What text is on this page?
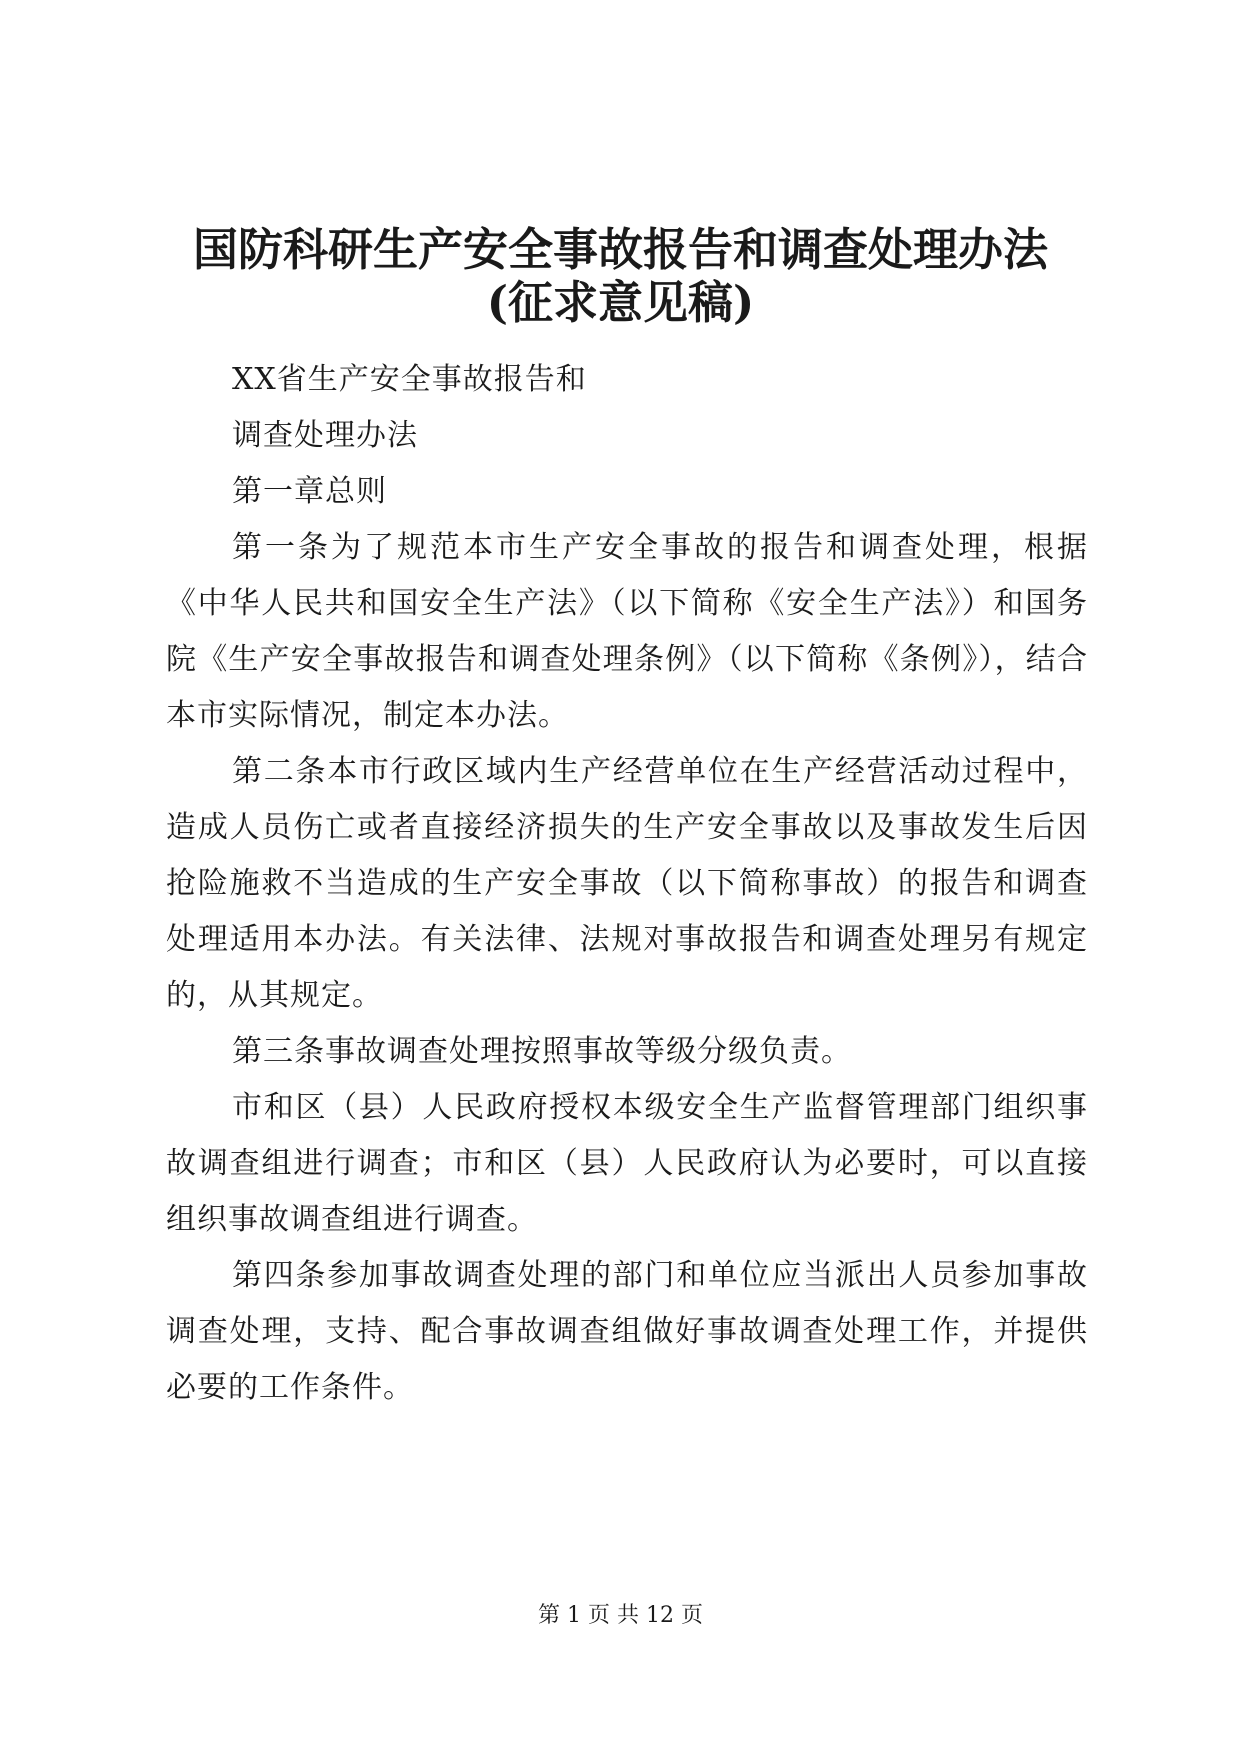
国防科研生产安全事故报告和调查处理办法
(征求意见稿)

XX省生产安全事故报告和

调查处理办法

第一章总则

第一条为了规范本市生产安全事故的报告和调查处理，根据《中华人民共和国安全生产法》（以下简称《安全生产法》）和国务院《生产安全事故报告和调查处理条例》（以下简称《条例》），结合本市实际情况，制定本办法。

第二条本市行政区域内生产经营单位在生产经营活动过程中，造成人员伤亡或者直接经济损失的生产安全事故以及事故发生后因抢险施救不当造成的生产安全事故（以下简称事故）的报告和调查处理适用本办法。有关法律、法规对事故报告和调查处理另有规定的，从其规定。

第三条事故调查处理按照事故等级分级负责。

市和区（县）人民政府授权本级安全生产监督管理部门组织事故调查组进行调查；市和区（县）人民政府认为必要时，可以直接组织事故调查组进行调查。

第四条参加事故调查处理的部门和单位应当派出人员参加事故调查处理，支持、配合事故调查组做好事故调查处理工作，并提供必要的工作条件。

第 1 页 共 12 页
